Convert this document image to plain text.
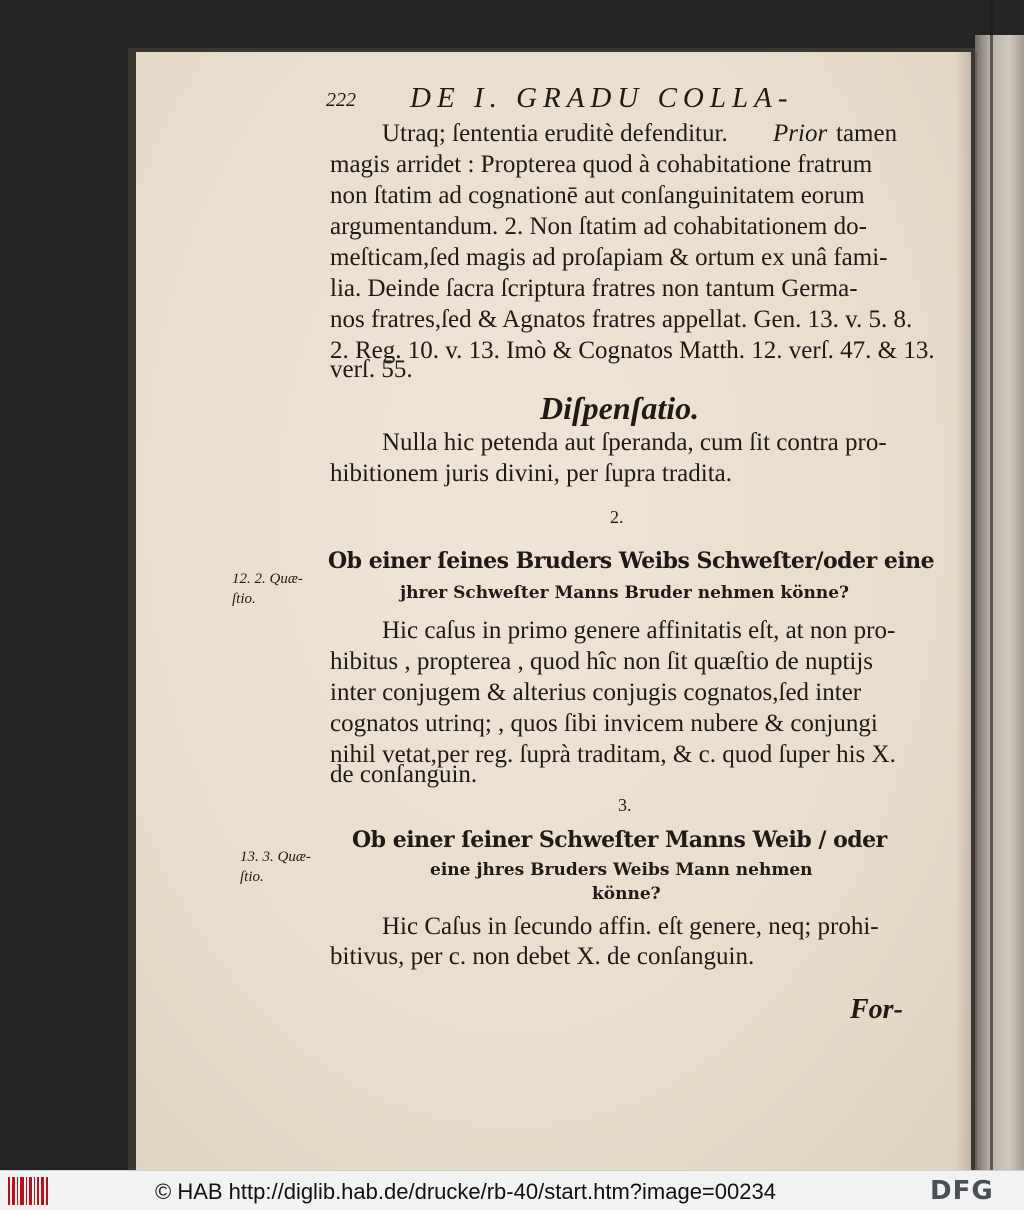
222 DE I. GRADU COLLA-
Utraq; ſententia eruditè defenditur. Prior tamen
magis arridet : Propterea quod à cohabitatione fratrum
non ſtatim ad cognationē aut conſanguinitatem eorum
argumentandum. 2. Non ſtatim ad cohabitationem do-
meſticam,ſed magis ad proſapiam & ortum ex unâ fami-
lia. Deinde ſacra ſcriptura fratres non tantum Germa-
nos fratres,ſed & Agnatos fratres appellat. Gen. 13. v. 5. 8.
2. Reg. 10. v. 13. Imò & Cognatos Matth. 12. verſ. 47. & 13.
verſ. 55.
Diſpenſatio.
Nulla hic petenda aut ſperanda, cum ſit contra pro-
hibitionem juris divini, per ſupra tradita.
2.
Ob einer ſeines Bruders Weibs Schweſter/oder eine
jhrer Schweſter Manns Bruder nehmen könne?
12. 2. Quæ-
ſtio.
Hic caſus in primo genere affinitatis eſt, at non pro-
hibitus , propterea , quod hîc non ſit quæſtio de nuptijs
inter conjugem & alterius conjugis cognatos,ſed inter
cognatos utrinq; , quos ſibi invicem nubere & conjungi
nihil vetat,per reg. ſuprà traditam, & c. quod ſuper his X.
de conſanguin.
3.
Ob einer ſeiner Schweſter Manns Weib / oder
eine jhres Bruders Weibs Mann nehmen
könne?
13. 3. Quæ-
ſtio.
Hic Caſus in ſecundo affin. eſt genere, neq; prohi-
bitivus, per c. non debet X. de conſanguin.
For-
© HAB http://diglib.hab.de/drucke/rb-40/start.htm?image=00234	DFG
